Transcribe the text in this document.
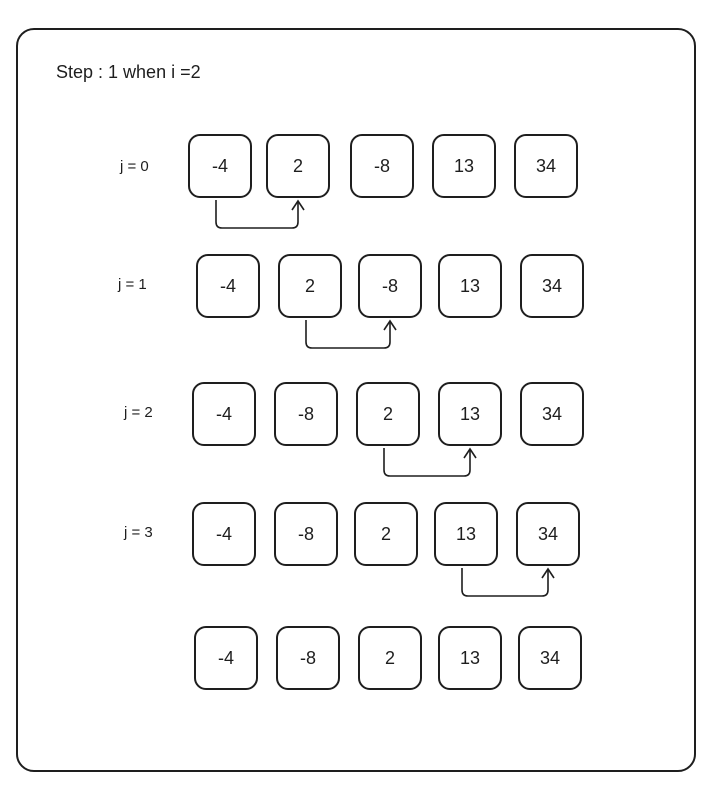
Step : 1 when i =2
j = 0	-4	2	-8	13	34
j = 1	-4	2	-8	13	34
j = 2	-4	-8	2	13	34
j = 3	-4	-8	2	13	34
-4	-8	2	13	34
